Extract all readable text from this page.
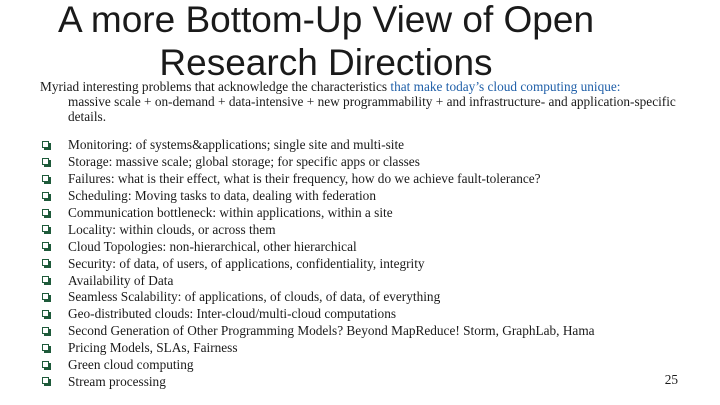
A more Bottom-Up View of Open
Research Directions
Myriad interesting problems that acknowledge the characteristics that make today’s cloud computing unique:
massive scale + on-demand + data-intensive + new programmability + and infrastructure- and application-specific details.
Monitoring: of systems&applications; single site and multi-site
Storage: massive scale; global storage; for specific apps or classes
Failures: what is their effect, what is their frequency, how do we achieve fault-tolerance?
Scheduling: Moving tasks to data, dealing with federation
Communication bottleneck: within applications, within a site
Locality: within clouds, or across them
Cloud Topologies: non-hierarchical, other hierarchical
Security: of data, of users, of applications, confidentiality, integrity
Availability of Data
Seamless Scalability: of applications, of clouds, of data, of everything
Geo-distributed clouds: Inter-cloud/multi-cloud computations
Second Generation of Other Programming Models? Beyond MapReduce! Storm, GraphLab, Hama
Pricing Models, SLAs, Fairness
Green cloud computing
Stream processing	25
